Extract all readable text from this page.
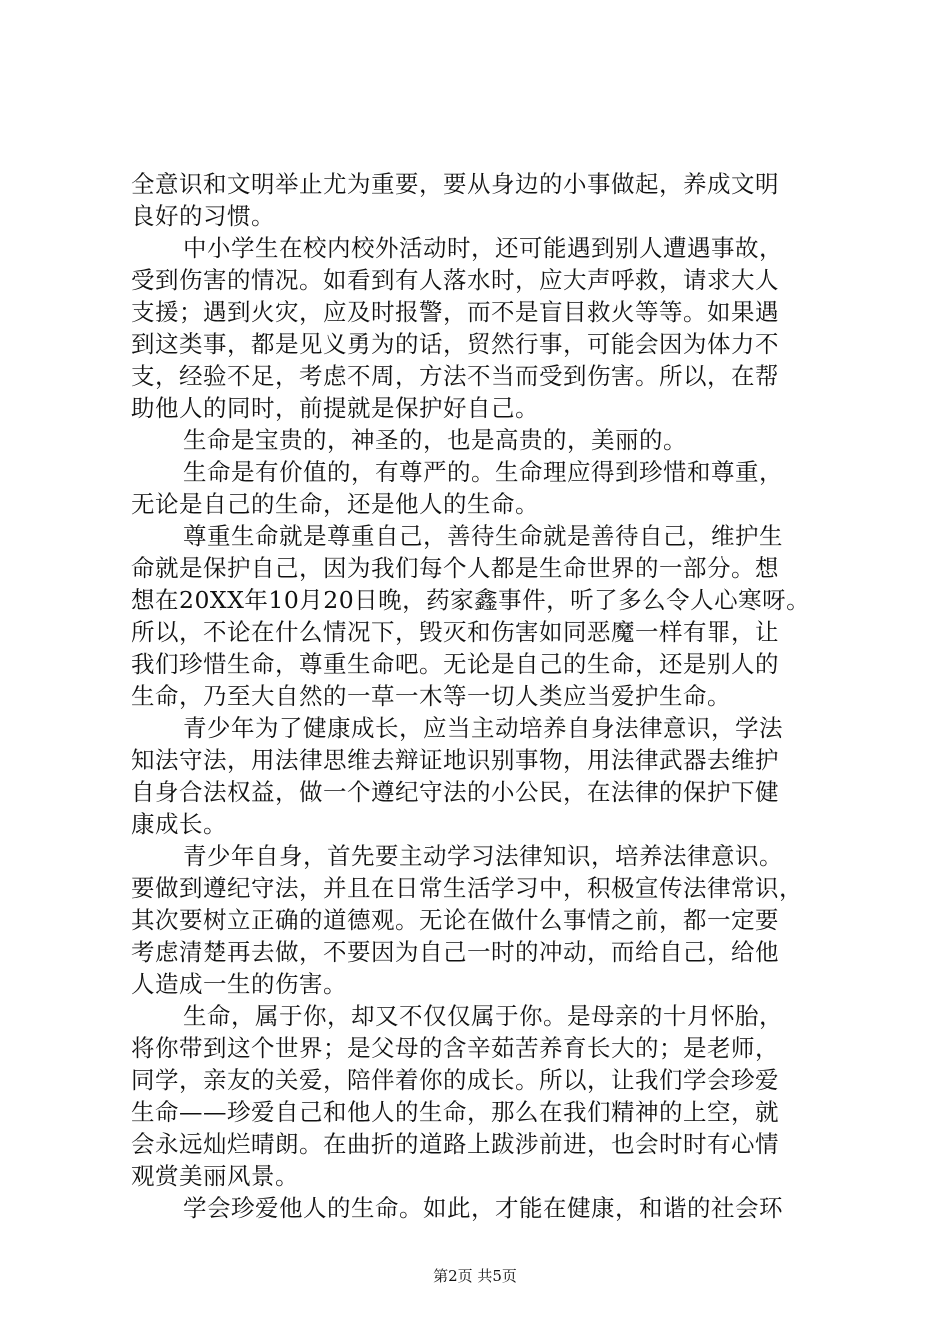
全意识和文明举止尤为重要，要从身边的小事做起，养成文明
良好的习惯。
中小学生在校内校外活动时，还可能遇到别人遭遇事故，
受到伤害的情况。如看到有人落水时，应大声呼救，请求大人
支援；遇到火灾，应及时报警，而不是盲目救火等等。如果遇
到这类事，都是见义勇为的话，贸然行事，可能会因为体力不
支，经验不足，考虑不周，方法不当而受到伤害。所以，在帮
助他人的同时，前提就是保护好自己。
生命是宝贵的，神圣的，也是高贵的，美丽的。
生命是有价值的，有尊严的。生命理应得到珍惜和尊重，
无论是自己的生命，还是他人的生命。
尊重生命就是尊重自己，善待生命就是善待自己，维护生
命就是保护自己，因为我们每个人都是生命世界的一部分。想
想在20XX年10月20日晚，药家鑫事件，听了多么令人心寒呀。
所以，不论在什么情况下，毁灭和伤害如同恶魔一样有罪，让
我们珍惜生命，尊重生命吧。无论是自己的生命，还是别人的
生命，乃至大自然的一草一木等一切人类应当爱护生命。
青少年为了健康成长，应当主动培养自身法律意识，学法
知法守法，用法律思维去辩证地识别事物，用法律武器去维护
自身合法权益，做一个遵纪守法的小公民，在法律的保护下健
康成长。
青少年自身，首先要主动学习法律知识，培养法律意识。
要做到遵纪守法，并且在日常生活学习中，积极宣传法律常识，
其次要树立正确的道德观。无论在做什么事情之前，都一定要
考虑清楚再去做，不要因为自己一时的冲动，而给自己，给他
人造成一生的伤害。
生命，属于你，却又不仅仅属于你。是母亲的十月怀胎，
将你带到这个世界；是父母的含辛茹苦养育长大的；是老师，
同学，亲友的关爱，陪伴着你的成长。所以，让我们学会珍爱
生命——珍爱自己和他人的生命，那么在我们精神的上空，就
会永远灿烂晴朗。在曲折的道路上跋涉前进，也会时时有心情
观赏美丽风景。
学会珍爱他人的生命。如此，才能在健康，和谐的社会环
第2页 共5页
